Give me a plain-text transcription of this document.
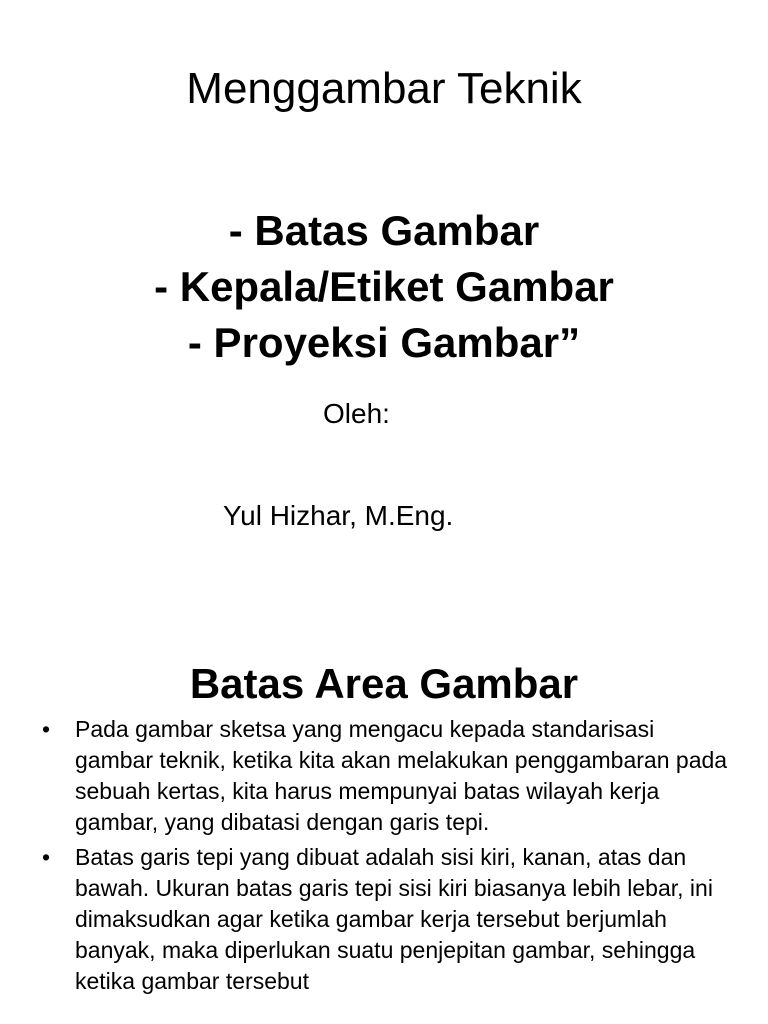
Menggambar Teknik
- Batas Gambar
- Kepala/Etiket Gambar
- Proyeksi Gambar”
Oleh:
Yul Hizhar, M.Eng.
Batas Area Gambar
• Pada gambar sketsa yang mengacu kepada standarisasi gambar teknik, ketika kita akan melakukan penggambaran pada sebuah kertas, kita harus mempunyai batas wilayah kerja gambar, yang dibatasi dengan garis tepi.
• Batas garis tepi yang dibuat adalah sisi kiri, kanan, atas dan bawah. Ukuran batas garis tepi sisi kiri biasanya lebih lebar, ini dimaksudkan agar ketika gambar kerja tersebut berjumlah banyak, maka diperlukan suatu penjepitan gambar, sehingga ketika gambar tersebut
